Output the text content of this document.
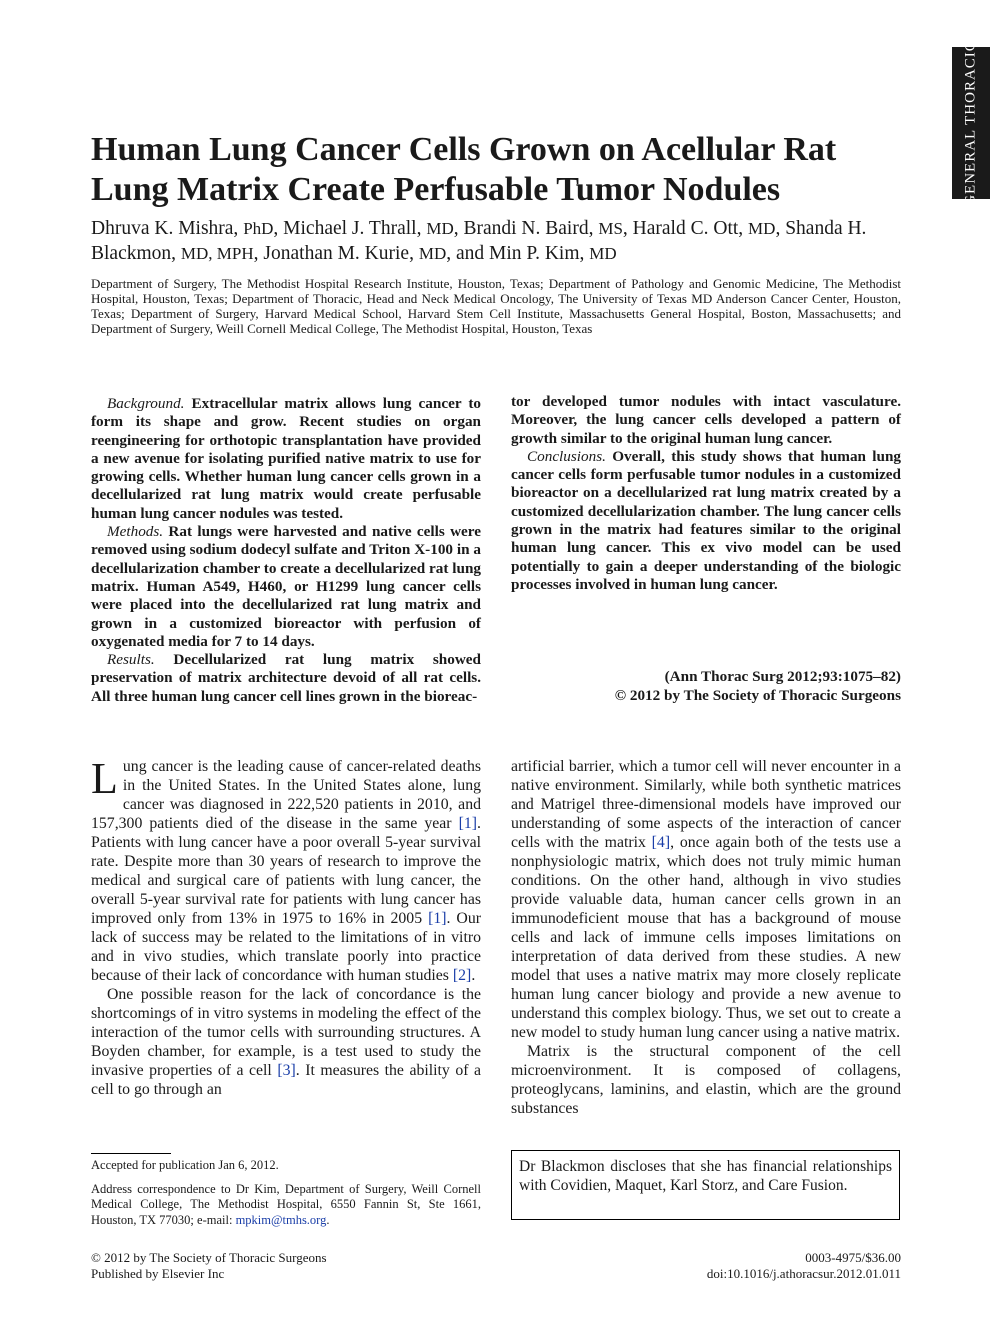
GENERAL THORACIC
Human Lung Cancer Cells Grown on Acellular Rat Lung Matrix Create Perfusable Tumor Nodules

Dhruva K. Mishra, PhD, Michael J. Thrall, MD, Brandi N. Baird, MS, Harald C. Ott, MD, Shanda H. Blackmon, MD, MPH, Jonathan M. Kurie, MD, and Min P. Kim, MD

Department of Surgery, The Methodist Hospital Research Institute, Houston, Texas; Department of Pathology and Genomic Medicine, The Methodist Hospital, Houston, Texas; Department of Thoracic, Head and Neck Medical Oncology, The University of Texas MD Anderson Cancer Center, Houston, Texas; Department of Surgery, Harvard Medical School, Harvard Stem Cell Institute, Massachusetts General Hospital, Boston, Massachusetts; and Department of Surgery, Weill Cornell Medical College, The Methodist Hospital, Houston, Texas

Background. Extracellular matrix allows lung cancer to form its shape and grow. Recent studies on organ reengineering for orthotopic transplantation have provided a new avenue for isolating purified native matrix to use for growing cells. Whether human lung cancer cells grown in a decellularized rat lung matrix would create perfusable human lung cancer nodules was tested.

Methods. Rat lungs were harvested and native cells were removed using sodium dodecyl sulfate and Triton X-100 in a decellularization chamber to create a decellularized rat lung matrix. Human A549, H460, or H1299 lung cancer cells were placed into the decellularized rat lung matrix and grown in a customized bioreactor with perfusion of oxygenated media for 7 to 14 days.

Results. Decellularized rat lung matrix showed preservation of matrix architecture devoid of all rat cells. All three human lung cancer cell lines grown in the bioreac-

tor developed tumor nodules with intact vasculature. Moreover, the lung cancer cells developed a pattern of growth similar to the original human lung cancer.

Conclusions. Overall, this study shows that human lung cancer cells form perfusable tumor nodules in a customized bioreactor on a decellularized rat lung matrix created by a customized decellularization chamber. The lung cancer cells grown in the matrix had features similar to the original human lung cancer. This ex vivo model can be used potentially to gain a deeper understanding of the biologic processes involved in human lung cancer.

(Ann Thorac Surg 2012;93:1075–82)
© 2012 by The Society of Thoracic Surgeons

Lung cancer is the leading cause of cancer-related deaths in the United States. In the United States alone, lung cancer was diagnosed in 222,520 patients in 2010, and 157,300 patients died of the disease in the same year [1]. Patients with lung cancer have a poor overall 5-year survival rate. Despite more than 30 years of research to improve the medical and surgical care of patients with lung cancer, the overall 5-year survival rate for patients with lung cancer has improved only from 13% in 1975 to 16% in 2005 [1]. Our lack of success may be related to the limitations of in vitro and in vivo studies, which translate poorly into practice because of their lack of concordance with human studies [2].

One possible reason for the lack of concordance is the shortcomings of in vitro systems in modeling the effect of the interaction of the tumor cells with surrounding structures. A Boyden chamber, for example, is a test used to study the invasive properties of a cell [3]. It measures the ability of a cell to go through an

artificial barrier, which a tumor cell will never encounter in a native environment. Similarly, while both synthetic matrices and Matrigel three-dimensional models have improved our understanding of some aspects of the interaction of cancer cells with the matrix [4], once again both of the tests use a nonphysiologic matrix, which does not truly mimic human conditions. On the other hand, although in vivo studies provide valuable data, human cancer cells grown in an immunodeficient mouse that has a background of mouse cells and lack of immune cells imposes limitations on interpretation of data derived from these studies. A new model that uses a native matrix may more closely replicate human lung cancer biology and provide a new avenue to understand this complex biology. Thus, we set out to create a new model to study human lung cancer using a native matrix.

Matrix is the structural component of the cell microenvironment. It is composed of collagens, proteoglycans, laminins, and elastin, which are the ground substances

Accepted for publication Jan 6, 2012.

Address correspondence to Dr Kim, Department of Surgery, Weill Cornell Medical College, The Methodist Hospital, 6550 Fannin St, Ste 1661, Houston, TX 77030; e-mail: mpkim@tmhs.org.

Dr Blackmon discloses that she has financial relationships with Covidien, Maquet, Karl Storz, and Care Fusion.
© 2012 by The Society of Thoracic Surgeons
Published by Elsevier Inc
0003-4975/$36.00
doi:10.1016/j.athoracsur.2012.01.011
